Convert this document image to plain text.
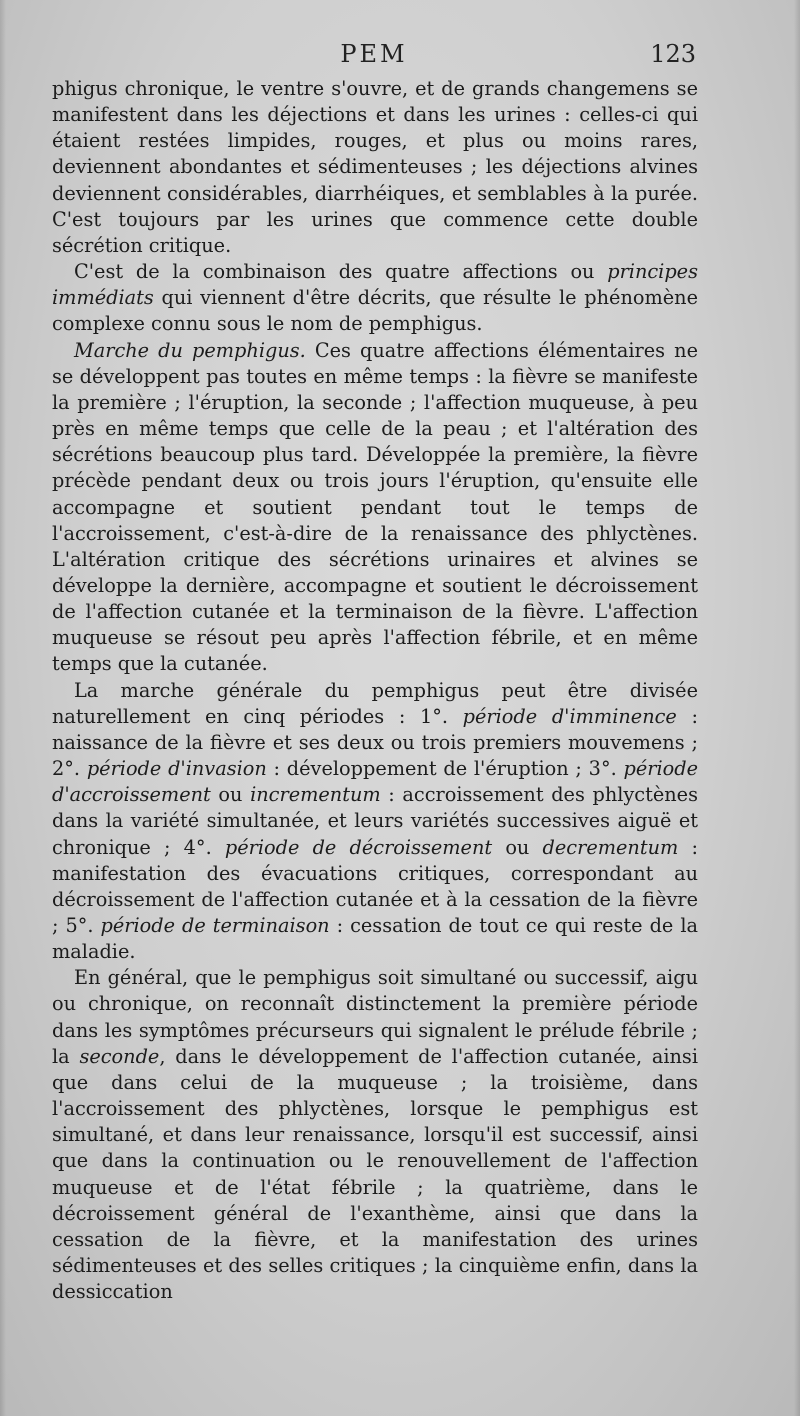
PEM	123

phigus chronique, le ventre s'ouvre, et de grands changemens se manifestent dans les déjections et dans les urines : celles-ci qui étaient restées limpides, rouges, et plus ou moins rares, deviennent abondantes et sédimenteuses ; les déjections alvines deviennent considérables, diarrhéiques, et semblables à la purée. C'est toujours par les urines que commence cette double sécrétion critique.

C'est de la combinaison des quatre affections ou principes immédiats qui viennent d'être décrits, que résulte le phénomène complexe connu sous le nom de pemphigus.

Marche du pemphigus. Ces quatre affections élémentaires ne se développent pas toutes en même temps : la fièvre se manifeste la première ; l'éruption, la seconde ; l'affection muqueuse, à peu près en même temps que celle de la peau ; et l'altération des sécrétions beaucoup plus tard. Développée la première, la fièvre précède pendant deux ou trois jours l'éruption, qu'ensuite elle accompagne et soutient pendant tout le temps de l'accroissement, c'est-à-dire de la renaissance des phlyctènes. L'altération critique des sécrétions urinaires et alvines se développe la dernière, accompagne et soutient le décroissement de l'affection cutanée et la terminaison de la fièvre. L'affection muqueuse se résout peu après l'affection fébrile, et en même temps que la cutanée.

La marche générale du pemphigus peut être divisée naturellement en cinq périodes : 1°. période d'imminence : naissance de la fièvre et ses deux ou trois premiers mouvemens ; 2°. période d'invasion : développement de l'éruption ; 3°. période d'accroissement ou incrementum : accroissement des phlyctènes dans la variété simultanée, et leurs variétés successives aiguë et chronique ; 4°. période de décroissement ou decrementum : manifestation des évacuations critiques, correspondant au décroissement de l'affection cutanée et à la cessation de la fièvre ; 5°. période de terminaison : cessation de tout ce qui reste de la maladie.

En général, que le pemphigus soit simultané ou successif, aigu ou chronique, on reconnaît distinctement la première période dans les symptômes précurseurs qui signalent le prélude fébrile ; la seconde, dans le développement de l'affection cutanée, ainsi que dans celui de la muqueuse ; la troisième, dans l'accroissement des phlyctènes, lorsque le pemphigus est simultané, et dans leur renaissance, lorsqu'il est successif, ainsi que dans la continuation ou le renouvellement de l'affection muqueuse et de l'état fébrile ; la quatrième, dans le décroissement général de l'exanthème, ainsi que dans la cessation de la fièvre, et la manifestation des urines sédimenteuses et des selles critiques ; la cinquième enfin, dans la dessiccation
